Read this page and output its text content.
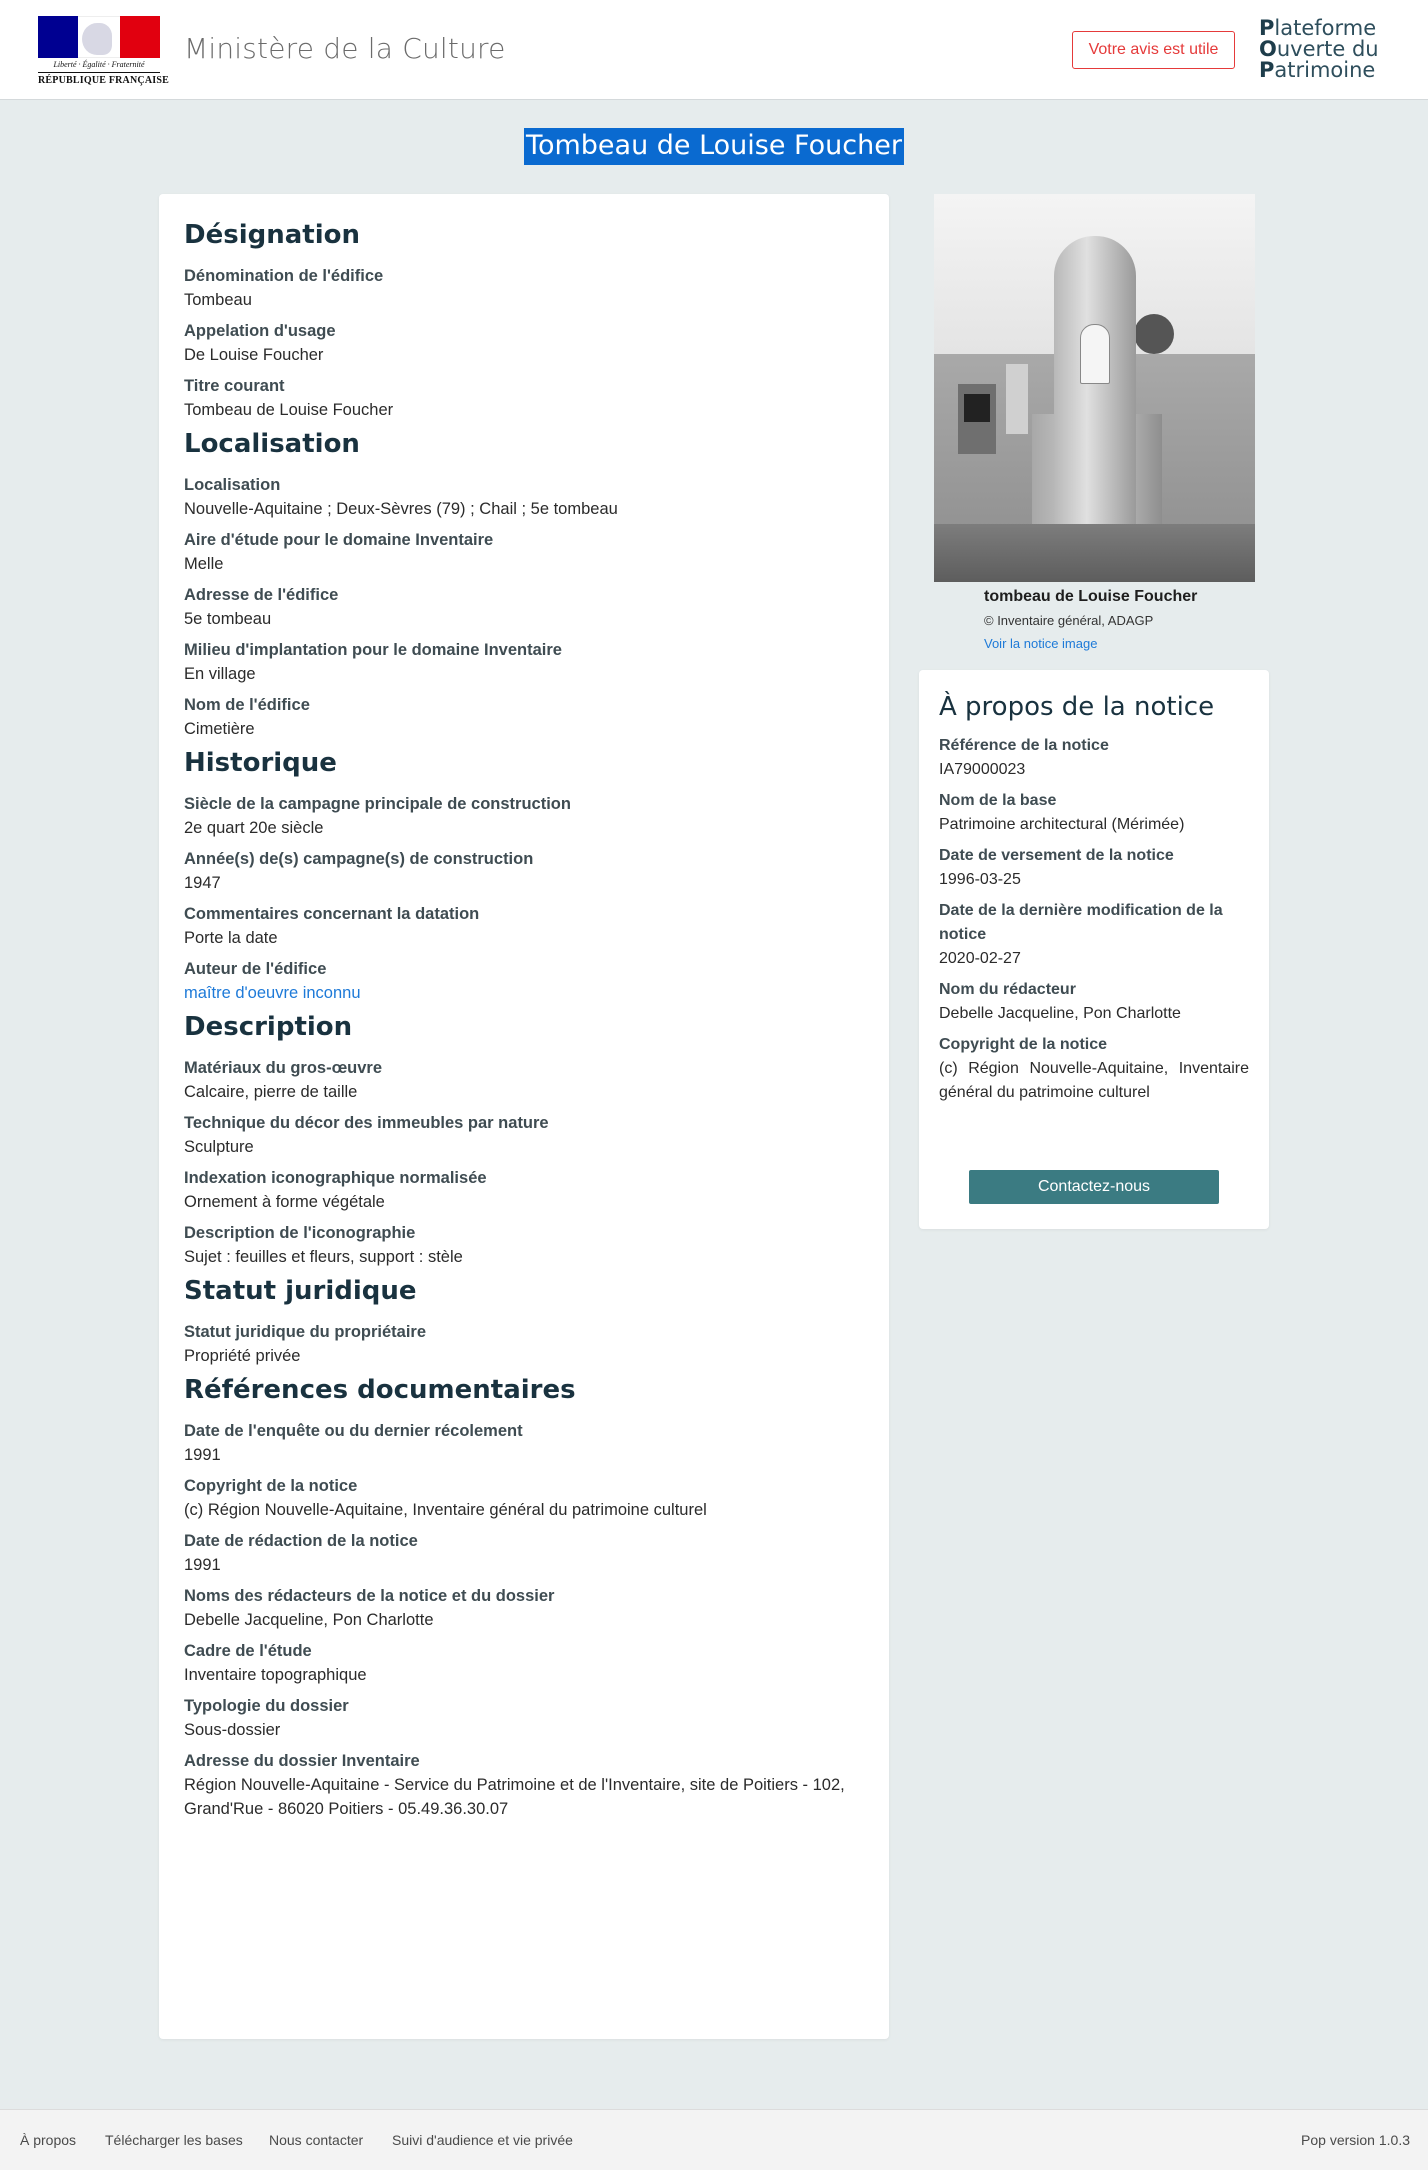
Liberté · Égalité · Fraternité
RÉPUBLIQUE FRANÇAISE
Ministère de la Culture	Votre avis est utile
Plateforme
Ouverte du
Patrimoine
Tombeau de Louise Foucher
Désignation
Dénomination de l'édifice
Tombeau
Appelation d'usage
De Louise Foucher
Titre courant
Tombeau de Louise Foucher
Localisation
Localisation
Nouvelle-Aquitaine ; Deux-Sèvres (79) ; Chail ; 5e tombeau
Aire d'étude pour le domaine Inventaire
Melle
Adresse de l'édifice
5e tombeau
Milieu d'implantation pour le domaine Inventaire
En village
Nom de l'édifice
Cimetière
Historique
Siècle de la campagne principale de construction
2e quart 20e siècle
Année(s) de(s) campagne(s) de construction
1947
Commentaires concernant la datation
Porte la date
Auteur de l'édifice
maître d'oeuvre inconnu
Description
Matériaux du gros-œuvre
Calcaire, pierre de taille
Technique du décor des immeubles par nature
Sculpture
Indexation iconographique normalisée
Ornement à forme végétale
Description de l'iconographie
Sujet : feuilles et fleurs, support : stèle
Statut juridique
Statut juridique du propriétaire
Propriété privée
Références documentaires
Date de l'enquête ou du dernier récolement
1991
Copyright de la notice
(c) Région Nouvelle-Aquitaine, Inventaire général du patrimoine culturel
Date de rédaction de la notice
1991
Noms des rédacteurs de la notice et du dossier
Debelle Jacqueline, Pon Charlotte
Cadre de l'étude
Inventaire topographique
Typologie du dossier
Sous-dossier
Adresse du dossier Inventaire
Région Nouvelle-Aquitaine - Service du Patrimoine et de l'Inventaire, site de Poitiers - 102, Grand'Rue - 86020 Poitiers - 05.49.36.30.07
tombeau de Louise Foucher
© Inventaire général, ADAGP
Voir la notice image
À propos de la notice
Référence de la notice
IA79000023
Nom de la base
Patrimoine architectural (Mérimée)
Date de versement de la notice
1996-03-25
Date de la dernière modification de la notice
2020-02-27
Nom du rédacteur
Debelle Jacqueline, Pon Charlotte
Copyright de la notice
(c) Région Nouvelle-Aquitaine, Inventaire général du patrimoine culturel
Contactez-nous
À propos Télécharger les bases Nous contacter Suivi d'audience et vie privée	Pop version 1.0.3
